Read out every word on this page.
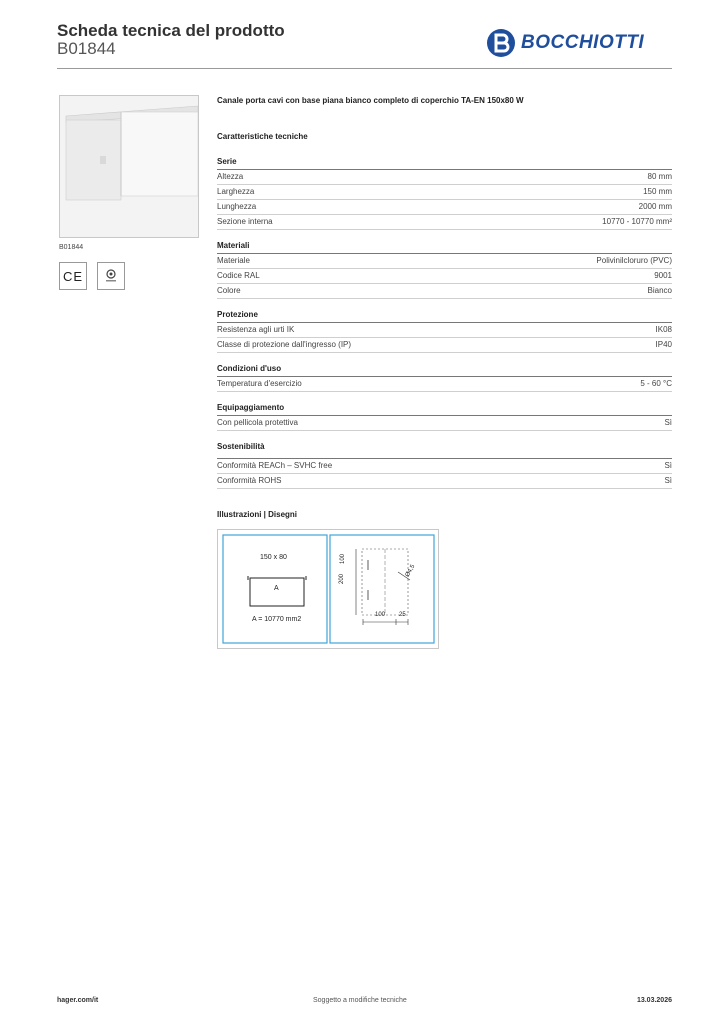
Scheda tecnica del prodotto
B01844	BOCCHIOTTI
B01844
CE
Canale porta cavi con base piana bianco completo di coperchio TA-EN 150x80 W
Caratteristiche tecniche
Serie
Altezza	80 mm
Larghezza	150 mm
Lunghezza	2000 mm
Sezione interna	10770 - 10770 mm²
Materiali
Materiale	Polivinilcloruro (PVC)
Codice RAL	9001
Colore	Bianco
Protezione
Resistenza agli urti IK	IK08
Classe di protezione dall'ingresso (IP)	IP40
Condizioni d'uso
Temperatura d'esercizio	5 - 60 °C
Equipaggiamento
Con pellicola protettiva	Sì
Sostenibilità
Conformità REACh – SVHC free	Sì
Conformità ROHS	Sì
Illustrazioni | Disegni
150 x 80
A
A = 10770 mm2
200
100
100 25
Ø4,5
hager.com/it	Soggetto a modifiche tecniche	13.03.2026
